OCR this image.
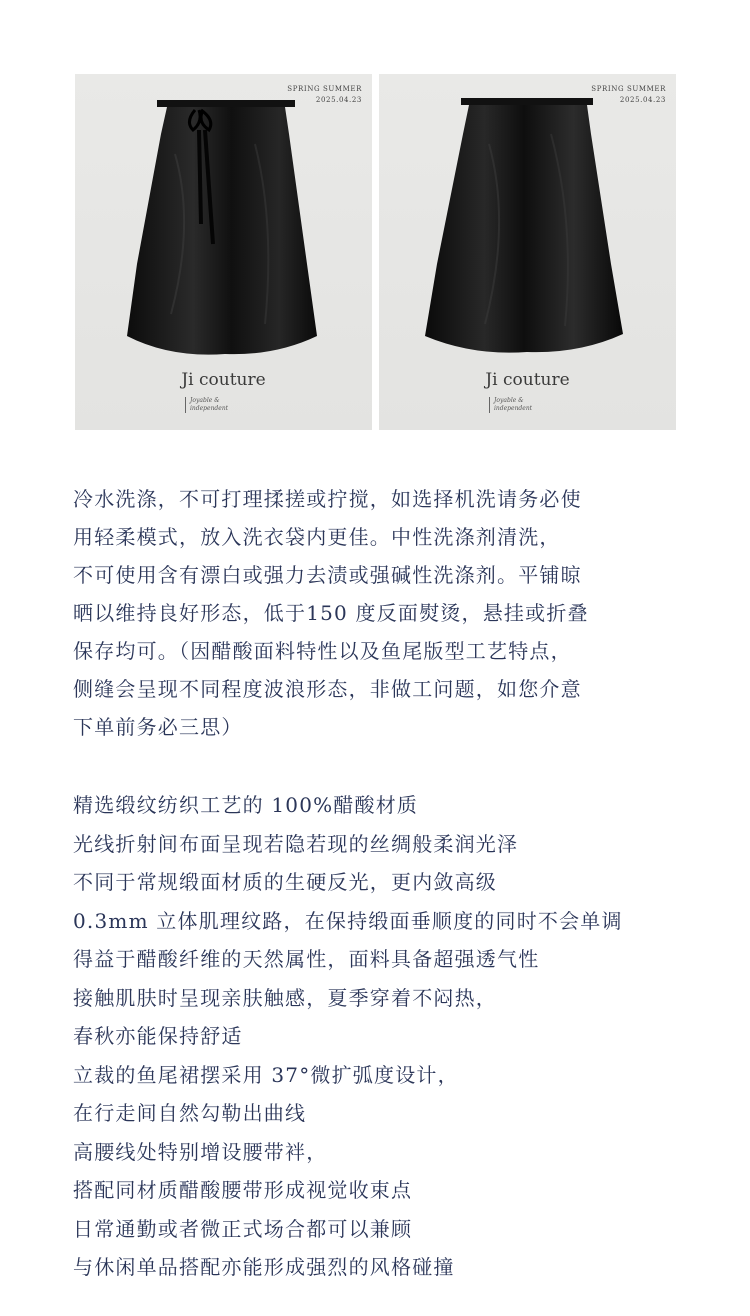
SPRING SUMMER
2025.04.23
Ji couture
Joyable &
independent
SPRING SUMMER
2025.04.23
Ji couture
Joyable &
independent

冷水洗涤，不可打理揉搓或拧搅，如选择机洗请务必使

用轻柔模式，放入洗衣袋内更佳。中性洗涤剂清洗，

不可使用含有漂白或强力去渍或强碱性洗涤剂。平铺晾

晒以维持良好形态，低于150 度反面熨烫，悬挂或折叠

保存均可。（因醋酸面料特性以及鱼尾版型工艺特点，

侧缝会呈现不同程度波浪形态，非做工问题，如您介意

下单前务必三思）

精选缎纹纺织工艺的 100%醋酸材质

光线折射间布面呈现若隐若现的丝绸般柔润光泽

不同于常规缎面材质的生硬反光，更内敛高级

0.3mm 立体肌理纹路，在保持缎面垂顺度的同时不会单调

得益于醋酸纤维的天然属性，面料具备超强透气性

接触肌肤时呈现亲肤触感，夏季穿着不闷热，

春秋亦能保持舒适

立裁的鱼尾裙摆采用 37°微扩弧度设计，

在行走间自然勾勒出曲线

高腰线处特别增设腰带袢，

搭配同材质醋酸腰带形成视觉收束点

日常通勤或者微正式场合都可以兼顾

与休闲单品搭配亦能形成强烈的风格碰撞
